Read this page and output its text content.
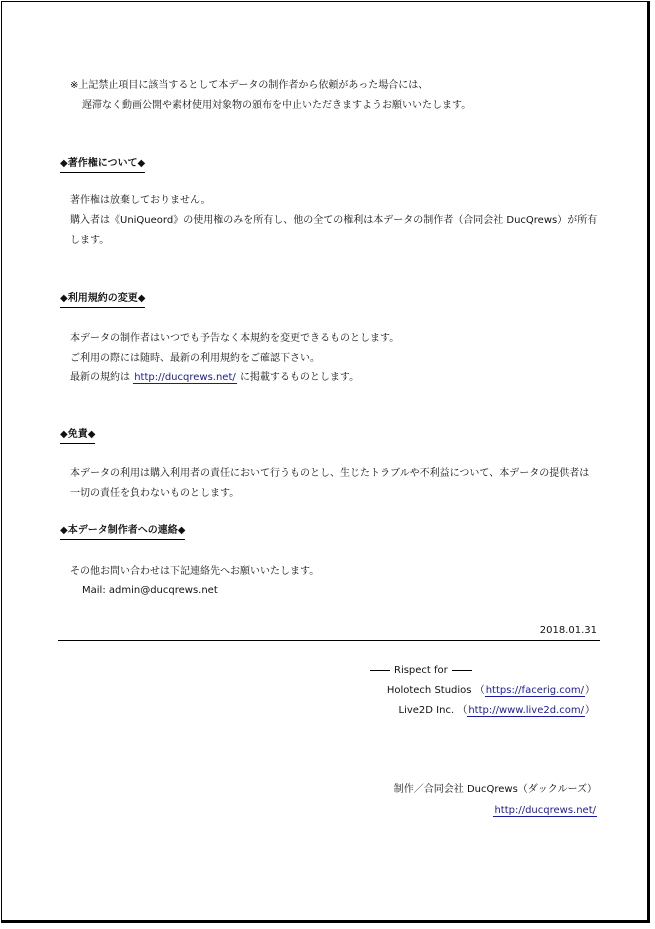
※上記禁止項目に該当するとして本データの制作者から依頼があった場合には、
遅滞なく動画公開や素材使用対象物の頒布を中止いただきますようお願いいたします。
◆著作権について◆
著作権は放棄しておりません。
購入者は《UniQueord》の使用権のみを所有し、他の全ての権利は本データの制作者（合同会社 DucQrews）が所有
します。
◆利用規約の変更◆
本データの制作者はいつでも予告なく本規約を変更できるものとします。
ご利用の際には随時、最新の利用規約をご確認下さい。
最新の規約は http://ducqrews.net/ に掲載するものとします。
◆免責◆
本データの利用は購入利用者の責任において行うものとし、生じたトラブルや不利益について、本データの提供者は
一切の責任を負わないものとします。
◆本データ制作者への連絡◆
その他お問い合わせは下記連絡先へお願いいたします。
Mail: admin@ducqrews.net
2018.01.31
Rispect for
Holotech Studios （https://facerig.com/）
Live2D Inc. （http://www.live2d.com/）
制作／合同会社 DucQrews（ダックルーズ）
http://ducqrews.net/
